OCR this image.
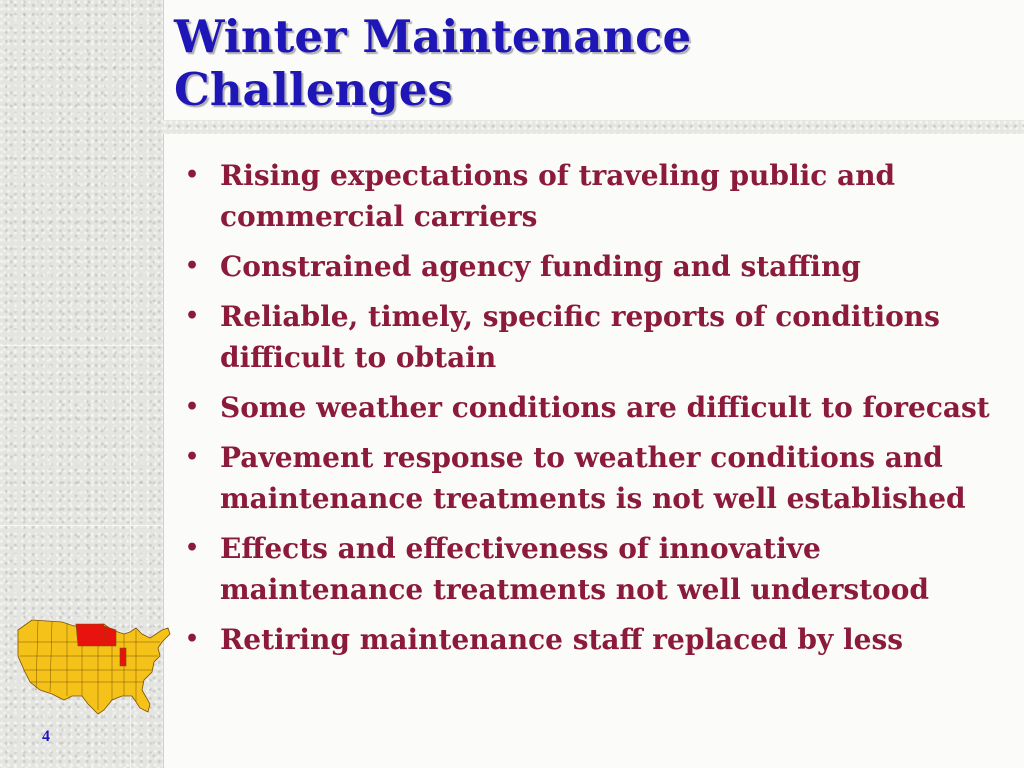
Winter Maintenance
Challenges
• Rising expectations of traveling public and commercial carriers
• Constrained agency funding and staffing
• Reliable, timely, specific reports of conditions difficult to obtain
• Some weather conditions are difficult to forecast
• Pavement response to weather conditions and maintenance treatments is not well established
• Effects and effectiveness of innovative maintenance treatments not well understood
• Retiring maintenance staff replaced by less
4
